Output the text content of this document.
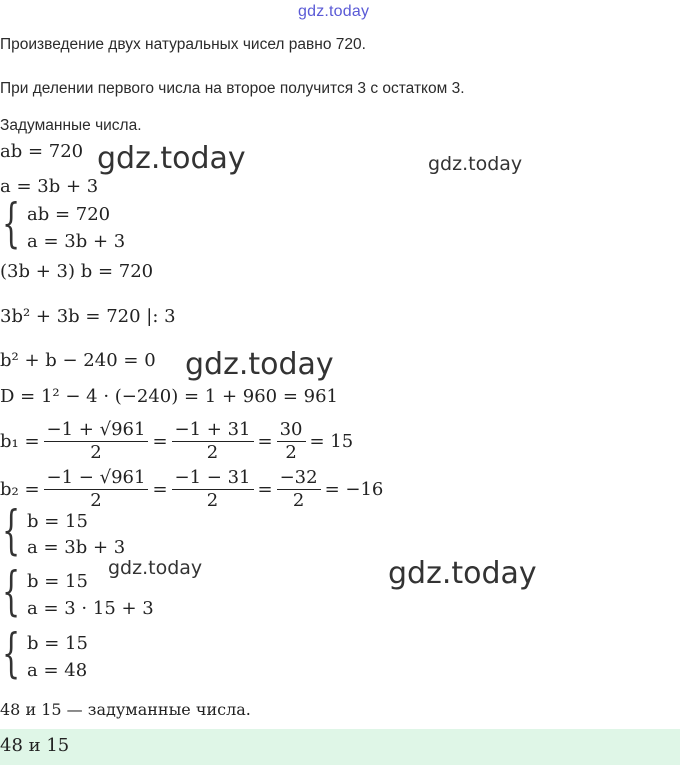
gdz.today
Произведение двух натуральных чисел равно 720.
При делении первого числа на второе получится 3 с остатком 3.
Задуманные числа.
ab = 720
a = 3b + 3
{ ab = 720
a = 3b + 3
(3b + 3) b = 720
3b² + 3b = 720 |: 3
b² + b − 240 = 0
D = 1² − 4 · (−240) = 1 + 960 = 961
$b_1 = \frac{-1 + √961}{2} = \frac{-1 + 31}{2} = \frac{30}{2} = 15$
$b_2 = \frac{-1 - √961}{2} = \frac{-1 - 31}{2} = \frac{-32}{2} = -16$
{ b = 15
a = 3b + 3
{ b = 15
a = 3 · 15 + 3
{ b = 15
a = 48
48 и 15 — задуманные числа.
48 и 15
gdz.today	gdz.today
gdz.today
gdz.today	gdz.today
